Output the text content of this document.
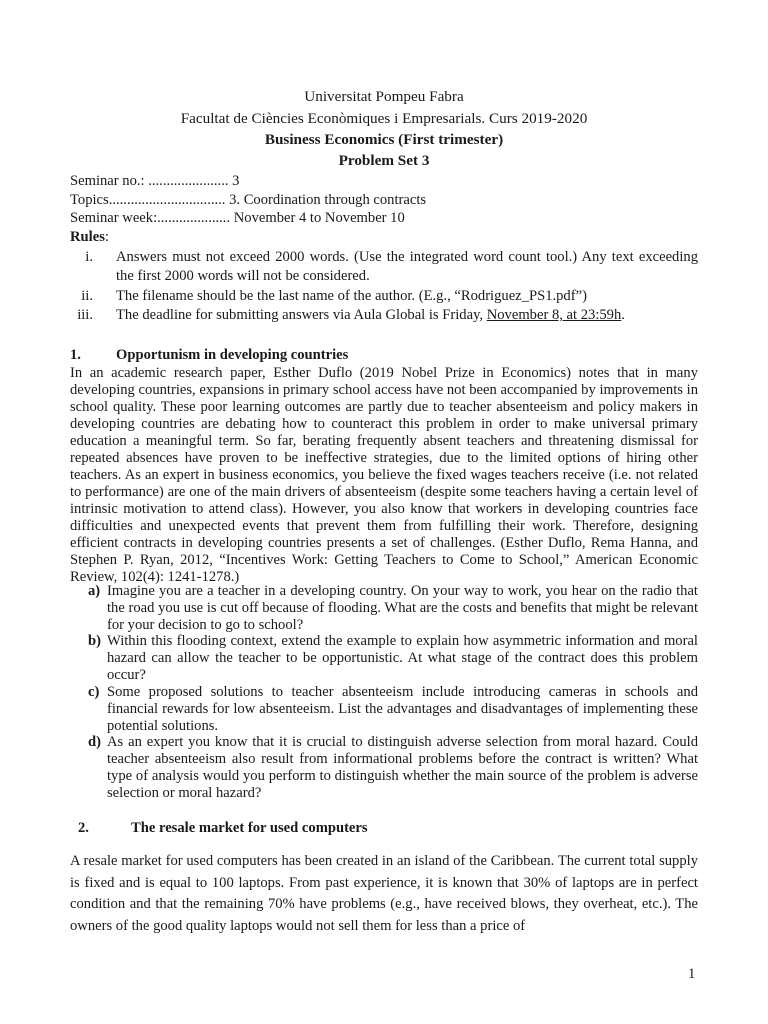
Universitat Pompeu Fabra
Facultat de Ciències Econòmiques i Empresarials. Curs 2019-2020
Business Economics (First trimester)
Problem Set 3
Seminar no.: ...................... 3
Topics................................ 3. Coordination through contracts
Seminar week:.................... November 4 to November 10
Rules:
i. Answers must not exceed 2000 words. (Use the integrated word count tool.) Any text exceeding the first 2000 words will not be considered.
ii. The filename should be the last name of the author. (E.g., “Rodriguez_PS1.pdf”)
iii. The deadline for submitting answers via Aula Global is Friday, November 8, at 23:59h.
1. Opportunism in developing countries
In an academic research paper, Esther Duflo (2019 Nobel Prize in Economics) notes that in many developing countries, expansions in primary school access have not been accompanied by improvements in school quality. These poor learning outcomes are partly due to teacher absenteeism and policy makers in developing countries are debating how to counteract this problem in order to make universal primary education a meaningful term. So far, berating frequently absent teachers and threatening dismissal for repeated absences have proven to be ineffective strategies, due to the limited options of hiring other teachers. As an expert in business economics, you believe the fixed wages teachers receive (i.e. not related to performance) are one of the main drivers of absenteeism (despite some teachers having a certain level of intrinsic motivation to attend class). However, you also know that workers in developing countries face difficulties and unexpected events that prevent them from fulfilling their work. Therefore, designing efficient contracts in developing countries presents a set of challenges. (Esther Duflo, Rema Hanna, and Stephen P. Ryan, 2012, “Incentives Work: Getting Teachers to Come to School,” American Economic Review, 102(4): 1241-1278.)
a) Imagine you are a teacher in a developing country. On your way to work, you hear on the radio that the road you use is cut off because of flooding. What are the costs and benefits that might be relevant for your decision to go to school?
b) Within this flooding context, extend the example to explain how asymmetric information and moral hazard can allow the teacher to be opportunistic. At what stage of the contract does this problem occur?
c) Some proposed solutions to teacher absenteeism include introducing cameras in schools and financial rewards for low absenteeism. List the advantages and disadvantages of implementing these potential solutions.
d) As an expert you know that it is crucial to distinguish adverse selection from moral hazard. Could teacher absenteeism also result from informational problems before the contract is written? What type of analysis would you perform to distinguish whether the main source of the problem is adverse selection or moral hazard?
2.	The resale market for used computers
A resale market for used computers has been created in an island of the Caribbean. The current total supply is fixed and is equal to 100 laptops. From past experience, it is known that 30% of laptops are in perfect condition and that the remaining 70% have problems (e.g., have received blows, they overheat, etc.). The owners of the good quality laptops would not sell them for less than a price of
1
